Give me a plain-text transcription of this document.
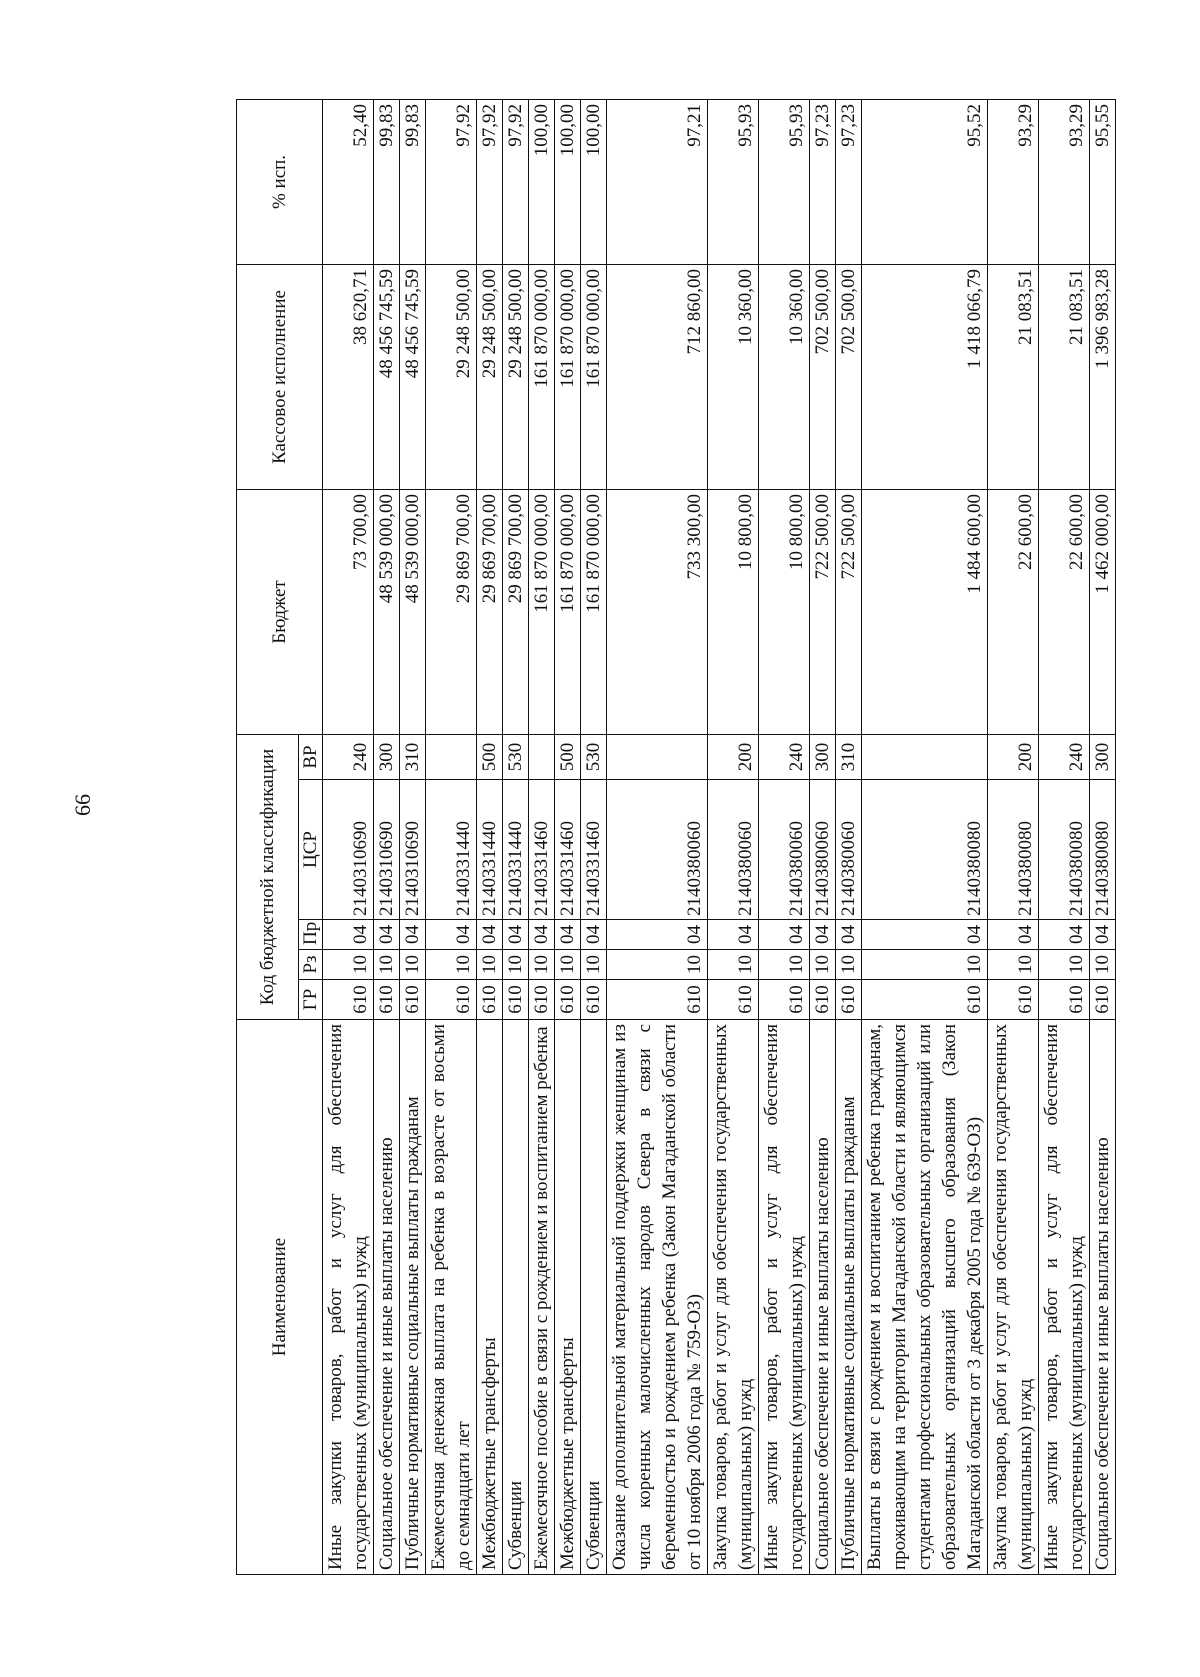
66
Наименование	Код бюджетной классификации					Бюджет	Кассовое исполнение	% исп.
	ГР	Рз	Пр	ЦСР	ВР			
Иные закупки товаров, работ и услуг для обеспечения государственных (муниципальных) нужд	610	10	04	2140310690	240	73 700,00	38 620,71	52,40
Социальное обеспечение и иные выплаты населению	610	10	04	2140310690	300	48 539 000,00	48 456 745,59	99,83
Публичные нормативные социальные выплаты гражданам	610	10	04	2140310690	310	48 539 000,00	48 456 745,59	99,83
Ежемесячная денежная выплата на ребенка в возрасте от восьми до семнадцати лет	610	10	04	2140331440		29 869 700,00	29 248 500,00	97,92
Межбюджетные трансферты	610	10	04	2140331440	500	29 869 700,00	29 248 500,00	97,92
Субвенции	610	10	04	2140331440	530	29 869 700,00	29 248 500,00	97,92
Ежемесячное пособие в связи с рождением и воспитанием ребенка	610	10	04	2140331460		161 870 000,00	161 870 000,00	100,00
Межбюджетные трансферты	610	10	04	2140331460	500	161 870 000,00	161 870 000,00	100,00
Субвенции	610	10	04	2140331460	530	161 870 000,00	161 870 000,00	100,00
Оказание дополнительной материальной поддержки женщинам из числа коренных малочисленных народов Севера в связи с беременностью и рождением ребенка (Закон Магаданской области от 10 ноября 2006 года № 759-ОЗ)	610	10	04	2140380060		733 300,00	712 860,00	97,21
Закупка товаров, работ и услуг для обеспечения государственных (муниципальных) нужд	610	10	04	2140380060	200	10 800,00	10 360,00	95,93
Иные закупки товаров, работ и услуг для обеспечения государственных (муниципальных) нужд	610	10	04	2140380060	240	10 800,00	10 360,00	95,93
Социальное обеспечение и иные выплаты населению	610	10	04	2140380060	300	722 500,00	702 500,00	97,23
Публичные нормативные социальные выплаты гражданам	610	10	04	2140380060	310	722 500,00	702 500,00	97,23
Выплаты в связи с рождением и воспитанием ребенка гражданам, проживающим на территории Магаданской области и являющимся студентами профессиональных образовательных организаций или образовательных организаций высшего образования (Закон Магаданской области от 3 декабря 2005 года № 639-ОЗ)	610	10	04	2140380080		1 484 600,00	1 418 066,79	95,52
Закупка товаров, работ и услуг для обеспечения государственных (муниципальных) нужд	610	10	04	2140380080	200	22 600,00	21 083,51	93,29
Иные закупки товаров, работ и услуг для обеспечения государственных (муниципальных) нужд	610	10	04	2140380080	240	22 600,00	21 083,51	93,29
Социальное обеспечение и иные выплаты населению	610	10	04	2140380080	300	1 462 000,00	1 396 983,28	95,55
